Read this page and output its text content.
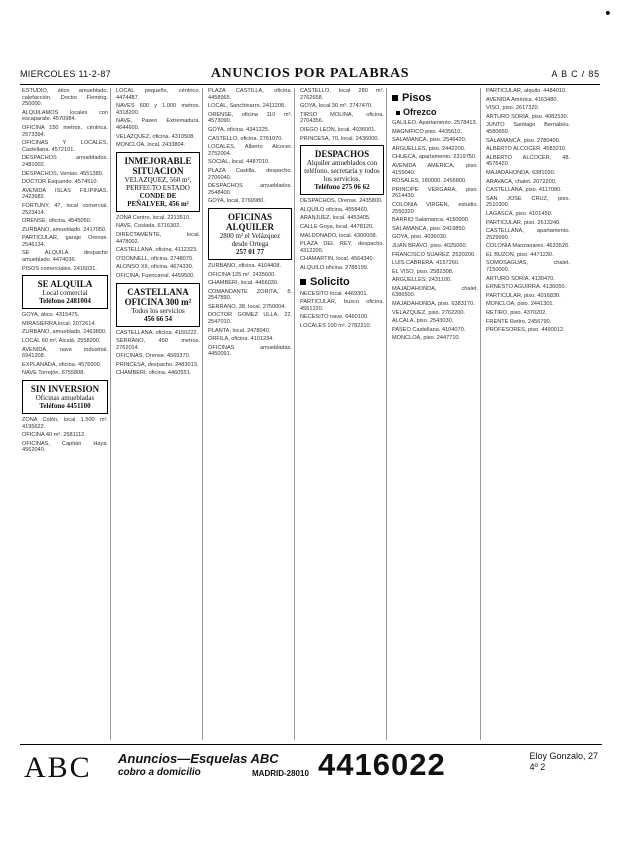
•
MIERCOLES 11-2-87	ANUNCIOS POR PALABRAS	A B C / 85

ESTUDIO, ático amueblado, calefacción. Doctor Fleming. 250000.

ALQUILAMOS locales con escaparate. 4570984.

OFICINA 150 metros, céntrica. 2573394.

OFICINAS Y LOCALES, Castellana. 4572101.

DESPACHOS amueblados. 2481002.

DESPACHOS, Ventas. 4551380.

DOCTOR Esquerdo. 4574510.

AVENIDA ISLAS FILIPINAS. 2423682.

FORTUNY, 47, local comercial. 2523414.

ORENSE, oficina. 4545050.

ZURBANO, amueblado. 2417050.

PARTICULAR, garaje Orense. 2546134.

SE ALQUILA despacho amueblado. 4474036.

PISOS comerciales. 2416031.

SE ALQUILA
Local comercial
Teléfono 2481004

GOYA, ático. 4315475.

MIRASIERRA local. 2072614.

ZURBANO, amueblado. 2463800.

LOCAL 60 m², Alcalá. 2558200.

AVENIDA, nave industrial. 6941208.

EXPLANADA, oficina. 4576000.

NAVE Torrejón. 6755808.

SIN INVERSION
Oficinas amuebladas
Teléfono 4451100

ZONA Colón, local 1.500 m². 4195622.

OFICINA 40 m². 2581112.

OFICINAS, Capitán Haya. 4562040.

LOCAL pequeño, céntrico. 4474487.

NAVES 600 y 1.000 metros. 4318200.

NAVE, Paseo Extremadura. 4644600.

VELAZQUEZ, oficina. 4310508.

MONCLOA, local. 2433804.

INMEJORABLE SITUACION
VELAZQUEZ, 560 m², PERFECTO ESTADO
CONDE DE PEÑALVER, 456 m²

ZONA Centro, local. 2213510.

NAVE, Coslada. 6716302.

DIRECTAMENTE, local. 4478002.

CASTELLANA, oficina. 4112323.

O'DONNELL, oficina. 2748070.

ALONSO XII, oficina. 4674330.

OFICINA, Fuencarral. 4459500.

CASTELLANA OFICINA 300 m²
Todos los servicios
456 66 54

CASTELLANA, oficina. 4150222.

SERRANO, 450 metros. 2762014.

OFICINAS, Orense. 4569370.

PRINCESA, despacho. 2483013.

CHAMBERI, oficina. 4460551.

PLAZA CASTILLA, oficina. 4458965.

LOCAL, Sanchinarro. 2411208.

ORENSE, oficina 110 m². 4573090.

GOYA, oficina. 4341225.

CASTELLO, oficina. 2761070.

LOCALES, Alberto Alcocer. 2752004.

SOCIAL, local. 4487010.

PLAZA Castilla, despacho. 2706040.

DESPACHOS amueblados. 2548400.

GOYA, local. 2769980.

OFICINAS ALQUILER
2800 m² el Velázquez desde Ortega
257 01 77

ZURBANO, oficina. 4104408.

OFICINA 125 m². 2435600.

CHAMBERI, local. 4466030.

COMANDANTE ZORITA, 8. 2547890.

SERRANO, 38, local. 2750004.

DOCTOR GOMEZ ULLA, 22. 2547010.

PLANTA, local. 2478040.

ORFILA, oficina. 4101234.

OFICINAS amuebladas. 4450091.

CASTELLO, local 280 m². 2762658.

GOYA, local 30 m². 2747470.

TIRSO MOLINA, oficina. 2704356.

DIEGO LEON, local. 4036001.

PRINCESA, 70, local. 2436000.

DESPACHOS
Alquiler amueblados con teléfono, secretaria y todos los servicios.
Teléfono 275 06 62

DESPACHOS, Orense. 2435800.

ALQUILO oficina. 4558460.

ARANJUEZ, local. 4453405.

CALLE Goya, local. 4478120.

MALDONADO, local. 4300008.

PLAZA DEL REY, despacho. 4312200.

CHAMARTIN, local. 4564340.

ALQUILO oficina. 2788199.

Solicito

NECESITO local. 4469301.

PARTICULAR, busco oficina. 4561220.

NECESITO nave. 6460100.

LOCALES 100 m². 2782210.

Pisos
Ofrezco

GALILEO. Apartamento. 2578413.

MAGNIFICO piso. 4435610.

SALAMANCA, piso. 2546420.

ARGUELLES, piso. 2442200.

CHUECA, apartamento. 2319750.

AVENIDA AMERICA, piso. 4155040.

ROSALES, 180000. 2456800.

PRINCIPE VERGARA, piso. 2614430.

COLONIA VIRGEN, estudio. 2550320.

BARRIO Salamanca. 4150000.

SALAMANCA, piso. 2419850.

GOYA, piso. 4036030.

JUAN BRAVO, piso. 4025060.

FRANCISCO SUAREZ. 2520200.

LUIS CABRERA. 4157260.

EL VISO, piso. 2582308.

ARGUELLES. 2431100.

MAJADAHONDA, chalet. 6386500.

MAJADAHONDA, piso. 6383170.

VELAZQUEZ, piso. 2762200.

ALCALA, piso. 2543030.

PASEO Castellana. 4104070.

MONCLOA, piso. 2447710.

PARTICULAR, alquilo. 4484010.

AVENIDA América. 4163480.

VISO, piso. 2617320.

ARTURO SORIA, piso. 4082530.

JUNTO Santiago Bernabéu. 4580650.

SALAMANCA, piso. 2780400.

ALBERTO ALCOCER. 4583210.

ALBERTO ALCOCER, 48. 4576420.

MAJADAHONDA. 6381030.

ARAVACA, chalet. 2072200.

CASTELLANA, piso. 4117080.

SAN JOSE CRUZ, piso. 2510300.

LAGASCA, piso. 4101450.

PARTICULAR, piso. 2613240.

CASTELLANA, apartamento. 2529990.

COLONIA Manzanares. 4633520.

EL BUZON, piso. 4471230.

SOMOSAGUAS, chalet. 7150000.

ARTURO SORIA. 4130470.

ERNESTO AGUIRRA. 4136050.

PARTICULAR, piso. 4016830.

MONCLOA, piso. 2441301.

RETIRO, piso. 4370202.

FRENTE Retiro. 2456790.

PROFESORES, piso. 4490012.

ABC Anuncios—Esquelas ABC
cobro a domicilio	MADRID-28010 4416022	Eloy Gonzalo, 27
4º 2
